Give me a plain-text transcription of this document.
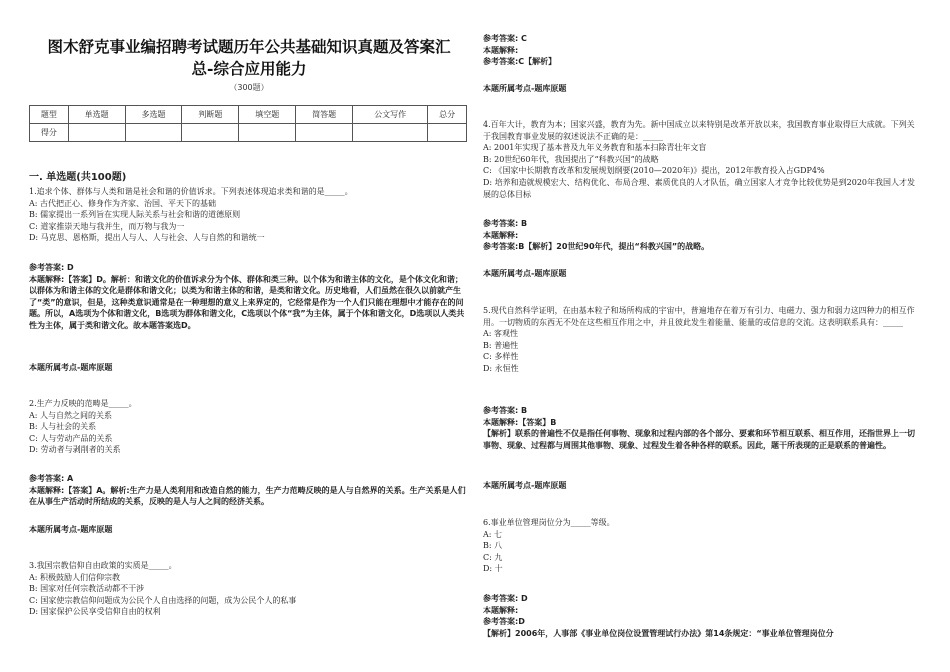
图木舒克事业编招聘考试题历年公共基础知识真题及答案汇
总-综合应用能力
（300题）
题型	单选题	多选题	判断题	填空题	简答题	公文写作	总分
得分							
一. 单选题(共100题)
1.追求个体、群体与人类和谐是社会和谐的价值诉求。下列表述体现追求类和谐的是_____。
A: 古代把正心、修身作为齐家、治国、平天下的基础
B: 儒家提出一系列旨在实现人际关系与社会和谐的道德原则
C: 道家推崇天地与我并生，而万物与我为一
D: 马克思、恩格斯，提出人与人、人与社会、人与自然的和谐统一
参考答案: D
本题解释:【答案】D。解析：和谐文化的价值诉求分为个体、群体和类三种。以个体为和谐主体的文化，是个体文化和谐；以群体为和谐主体的文化是群体和谐文化；以类为和谐主体的和谐，是类和谐文化。历史地看，人们虽然在很久以前就产生了“类”的意识，但是，这种类意识通常是在一种理想的意义上来界定的，它经常是作为一个人们只能在理想中才能存在的问题。所以，A选项为个体和谐文化，B选项为群体和谐文化，C选项以个体“我”为主体，属于个体和谐文化，D选项以人类共性为主体，属于类和谐文化。故本题答案选D。
本题所属考点-题库原题
2.生产力反映的范畴是_____。
A: 人与自然之间的关系
B: 人与社会的关系
C: 人与劳动产品的关系
D: 劳动者与剥削者的关系
参考答案: A
本题解释:【答案】A。解析:生产力是人类利用和改造自然的能力，生产力范畴反映的是人与自然界的关系。生产关系是人们在从事生产活动时所结成的关系，反映的是人与人之间的经济关系。
本题所属考点-题库原题
3.我国宗教信仰自由政策的实质是_____。
A: 积极鼓励人们信仰宗教
B: 国家对任何宗教活动都不干涉
C: 国家使宗教信仰问题成为公民个人自由选择的问题，成为公民个人的私事
D: 国家保护公民享受信仰自由的权利
参考答案: C
本题解释:
参考答案:C【解析】
本题所属考点-题库原题
4.百年大计，教育为本；国家兴盛，教育为先。新中国成立以来特别是改革开放以来，我国教育事业取得巨大成就。下列关于我国教育事业发展的叙述说法不正确的是：_____
A: 2001年实现了基本普及九年义务教育和基本扫除青壮年文盲
B: 20世纪60年代，我国提出了“科教兴国”的战略
C: 《国家中长期教育改革和发展规划纲要(2010—2020年)》提出，2012年教育投入占GDP4%
D: 培养和造就规模宏大、结构优化、布局合理、素质优良的人才队伍，确立国家人才竞争比较优势是到2020年我国人才发展的总体目标
参考答案: B
本题解释:
参考答案:B【解析】20世纪90年代，提出“科教兴国”的战略。
本题所属考点-题库原题
5.现代自然科学证明，在由基本粒子和场所构成的宇宙中，普遍地存在着万有引力、电磁力、强力和弱力这四种力的相互作用。一切物质的东西无不处在这些相互作用之中，并且彼此发生着能量、能量的或信息的交流。这表明联系具有：_____
A: 客观性
B: 普遍性
C: 多样性
D: 永恒性
参考答案: B
本题解释:【答案】B
【解析】联系的普遍性不仅是指任何事物、现象和过程内部的各个部分、要素和环节相互联系、相互作用，还指世界上一切事物、现象、过程都与周围其他事物、现象、过程发生着各种各样的联系。因此，题干所表现的正是联系的普遍性。
本题所属考点-题库原题
6.事业单位管理岗位分为_____等级。
A: 七
B: 八
C: 九
D: 十
参考答案: D
本题解释:
参考答案:D
【解析】2006年，人事部《事业单位岗位设置管理试行办法》第14条规定：“事业单位管理岗位分
